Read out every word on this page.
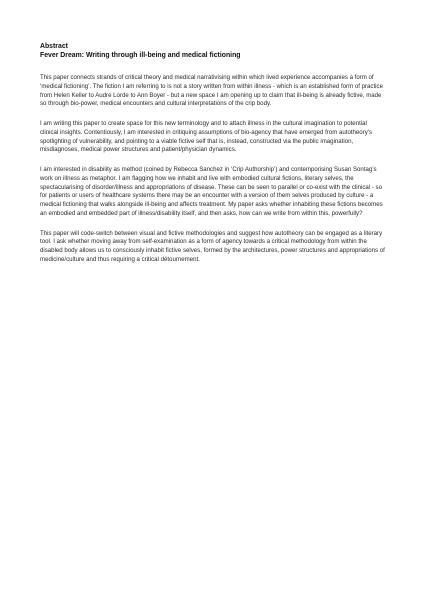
Abstract
Fever Dream: Writing through ill-being and medical fictioning

This paper connects strands of critical theory and medical narrativising within which lived experience accompanies a form of ‘medical fictioning’. The fiction I am referring to is not a story written from within illness - which is an established form of practice from Helen Keller to Audre Lorde to Ann Boyer - but a new space I am opening up to claim that ill-being is already fictive, made so through bio-power, medical encounters and cultural interpretations of the crip body.

I am writing this paper to create space for this new terminology and to attach illness in the cultural imagination to potential clinical insights. Contentiously, I am interested in critiquing assumptions of bio-agency that have emerged from autotheory’s spotlighting of vulnerability, and pointing to a viable fictive self that is, instead, constructed via the public imagination, misdiagnoses, medical power structures and patient/physician dynamics.

I am interested in disability as method (coined by Rebecca Sanchez in ‘Crip Authorship’) and contemporising Susan Sontag’s work on illness as metaphor. I am flagging how we inhabit and live with embodied cultural fictions, literary selves, the spectacularising of disorder/illness and appropriations of disease. These can be seen to parallel or co-exist with the clinical - so for patients or users of healthcare systems there may be an encounter with a version of them selves produced by culture - a medical fictioning that walks alongside ill-being and affects treatment. My paper asks whether inhabiting these fictions becomes an embodied and embedded part of illness/disability itself, and then asks, how can we write from within this, powerfully?

This paper will code-switch between visual and fictive methodologies and suggest how autotheory can be engaged as a literary tool. I ask whether moving away from self-examination as a form of agency towards a critical methodology from within the disabled body allows us to consciously inhabit fictive selves, formed by the architectures, power structures and appropriations of medicine/culture and thus requiring a critical détournement.
